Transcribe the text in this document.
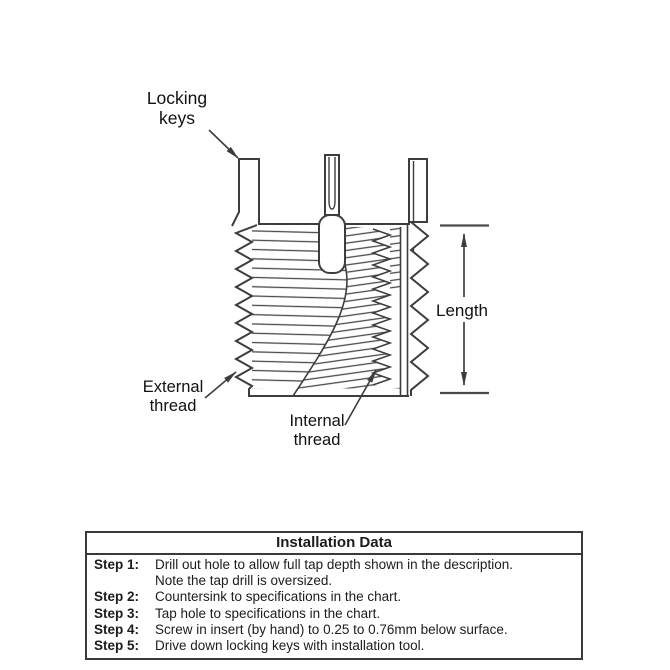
Locking keys
Length
External thread
Internal thread
Installation Data
Step 1:	Drill out hole to allow full tap depth shown in the description.
Note the tap drill is oversized.
Step 2:	Countersink to specifications in the chart.
Step 3:	Tap hole to specifications in the chart.
Step 4:	Screw in insert (by hand) to 0.25 to 0.76mm below surface.
Step 5:	Drive down locking keys with installation tool.
